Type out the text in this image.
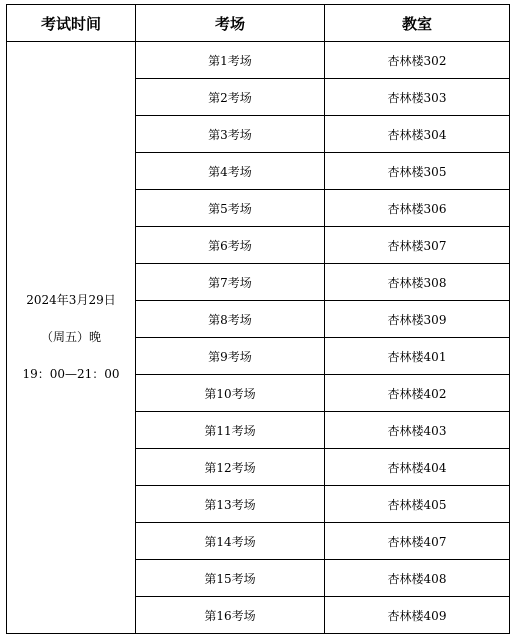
考试时间	考场	教室

2024年3月29日
（周五）晚
19：00—21：00	第1考场	杏林楼302
	第2考场	杏林楼303
	第3考场	杏林楼304
	第4考场	杏林楼305
	第5考场	杏林楼306
	第6考场	杏林楼307
	第7考场	杏林楼308
	第8考场	杏林楼309
	第9考场	杏林楼401
	第10考场	杏林楼402
	第11考场	杏林楼403
	第12考场	杏林楼404
	第13考场	杏林楼405
	第14考场	杏林楼407
	第15考场	杏林楼408
	第16考场	杏林楼409
